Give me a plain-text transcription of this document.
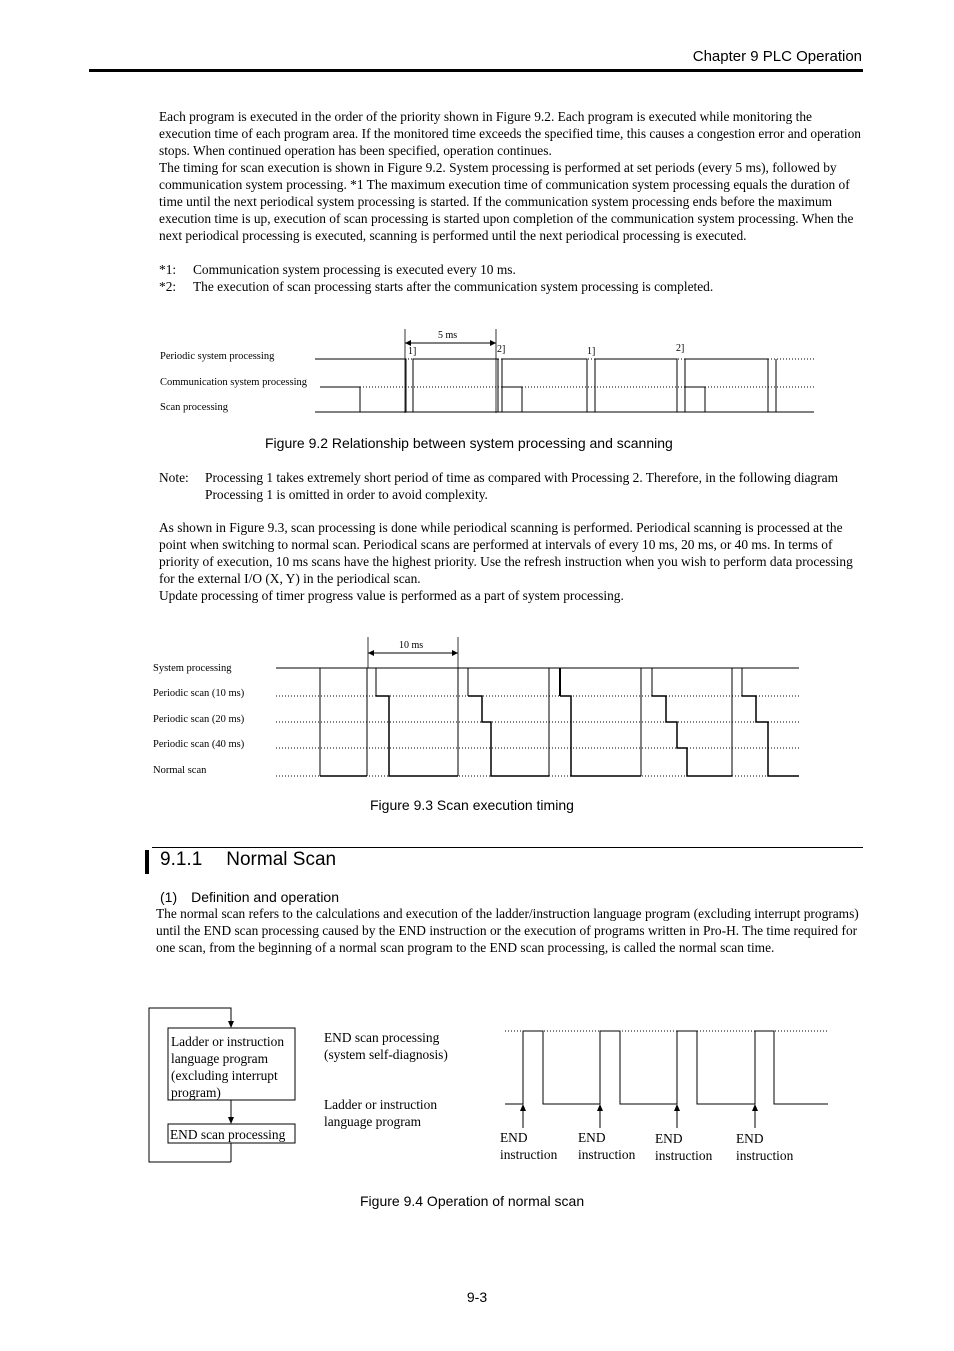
Chapter 9 PLC Operation

Each program is executed in the order of the priority shown in Figure 9.2. Each program is executed while monitoring the execution time of each program area. If the monitored time exceeds the specified time, this causes a congestion error and operation stops. When continued operation has been specified, operation continues.

The timing for scan execution is shown in Figure 9.2. System processing is performed at set periods (every 5 ms), followed by communication system processing. *1 The maximum execution time of communication system processing equals the duration of time until the next periodical system processing is started. If the communication system processing ends before the maximum execution time is up, execution of scan processing is started upon completion of the communication system processing. When the next periodical processing is executed, scanning is performed until the next periodical processing is executed.

*1:	Communication system processing is executed every 10 ms.
*2:	The execution of scan processing starts after the communication system processing is completed.
Periodic system processing
Communication system processing
Scan processing
5 ms
1]	2]	1]	2]
Figure 9.2 Relationship between system processing and scanning
Note:	Processing 1 takes extremely short period of time as compared with Processing 2. Therefore, in the following diagram Processing 1 is omitted in order to avoid complexity.

As shown in Figure 9.3, scan processing is done while periodical scanning is performed. Periodical scanning is processed at the point when switching to normal scan. Periodical scans are performed at intervals of every 10 ms, 20 ms, or 40 ms. In terms of priority of execution, 10 ms scans have the highest priority. Use the refresh instruction when you wish to perform data processing for the external I/O (X, Y) in the periodical scan.

Update processing of timer progress value is performed as a part of system processing.

System processing
Periodic scan (10 ms)
Periodic scan (20 ms)
Periodic scan (40 ms)
Normal scan
10 ms
Figure 9.3 Scan execution timing
9.1.1 Normal Scan
(1) Definition and operation
The normal scan refers to the calculations and execution of the ladder/instruction language program (excluding interrupt programs) until the END scan processing caused by the END instruction or the execution of programs written in Pro-H. The time required for one scan, from the beginning of a normal scan program to the END scan processing, is called the normal scan time.
Ladder or instruction
language program
(excluding interrupt
program)
END scan processing
END scan processing
(system self-diagnosis)
Ladder or instruction
language program
END
instruction
END
instruction
END
instruction
END
instruction
Figure 9.4 Operation of normal scan
9-3
